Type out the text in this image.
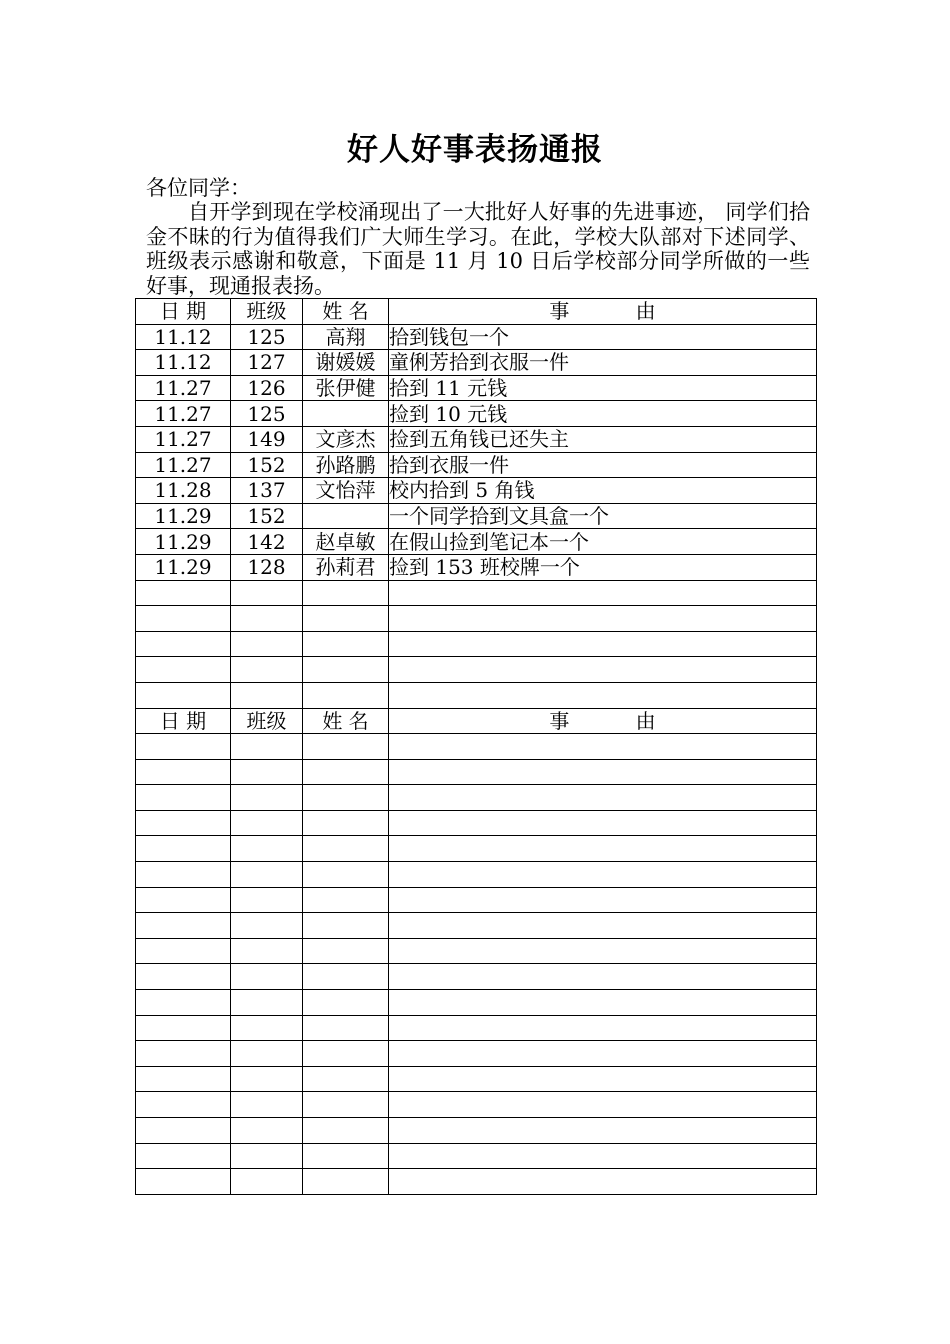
好人好事表扬通报
各位同学：

自开学到现在学校涌现出了一大批好人好事的先进事迹， 同学们拾金不昧的行为值得我们广大师生学习。在此，学校大队部对下述同学、班级表示感谢和敬意，下面是 11 月 10 日后学校部分同学所做的一些好事，现通报表扬。

日 期	班级	姓 名	事 由
11.12	125	高翔	拾到钱包一个
11.12	127	谢媛媛	童俐芳拾到衣服一件
11.27	126	张伊健	拾到 11 元钱
11.27	125		捡到 10 元钱
11.27	149	文彦杰	捡到五角钱已还失主
11.27	152	孙路鹏	拾到衣服一件
11.28	137	文怡萍	校内拾到 5 角钱
11.29	152		一个同学拾到文具盒一个
11.29	142	赵卓敏	在假山捡到笔记本一个
11.29	128	孙莉君	捡到 153 班校牌一个

日 期	班级	姓 名	事 由
